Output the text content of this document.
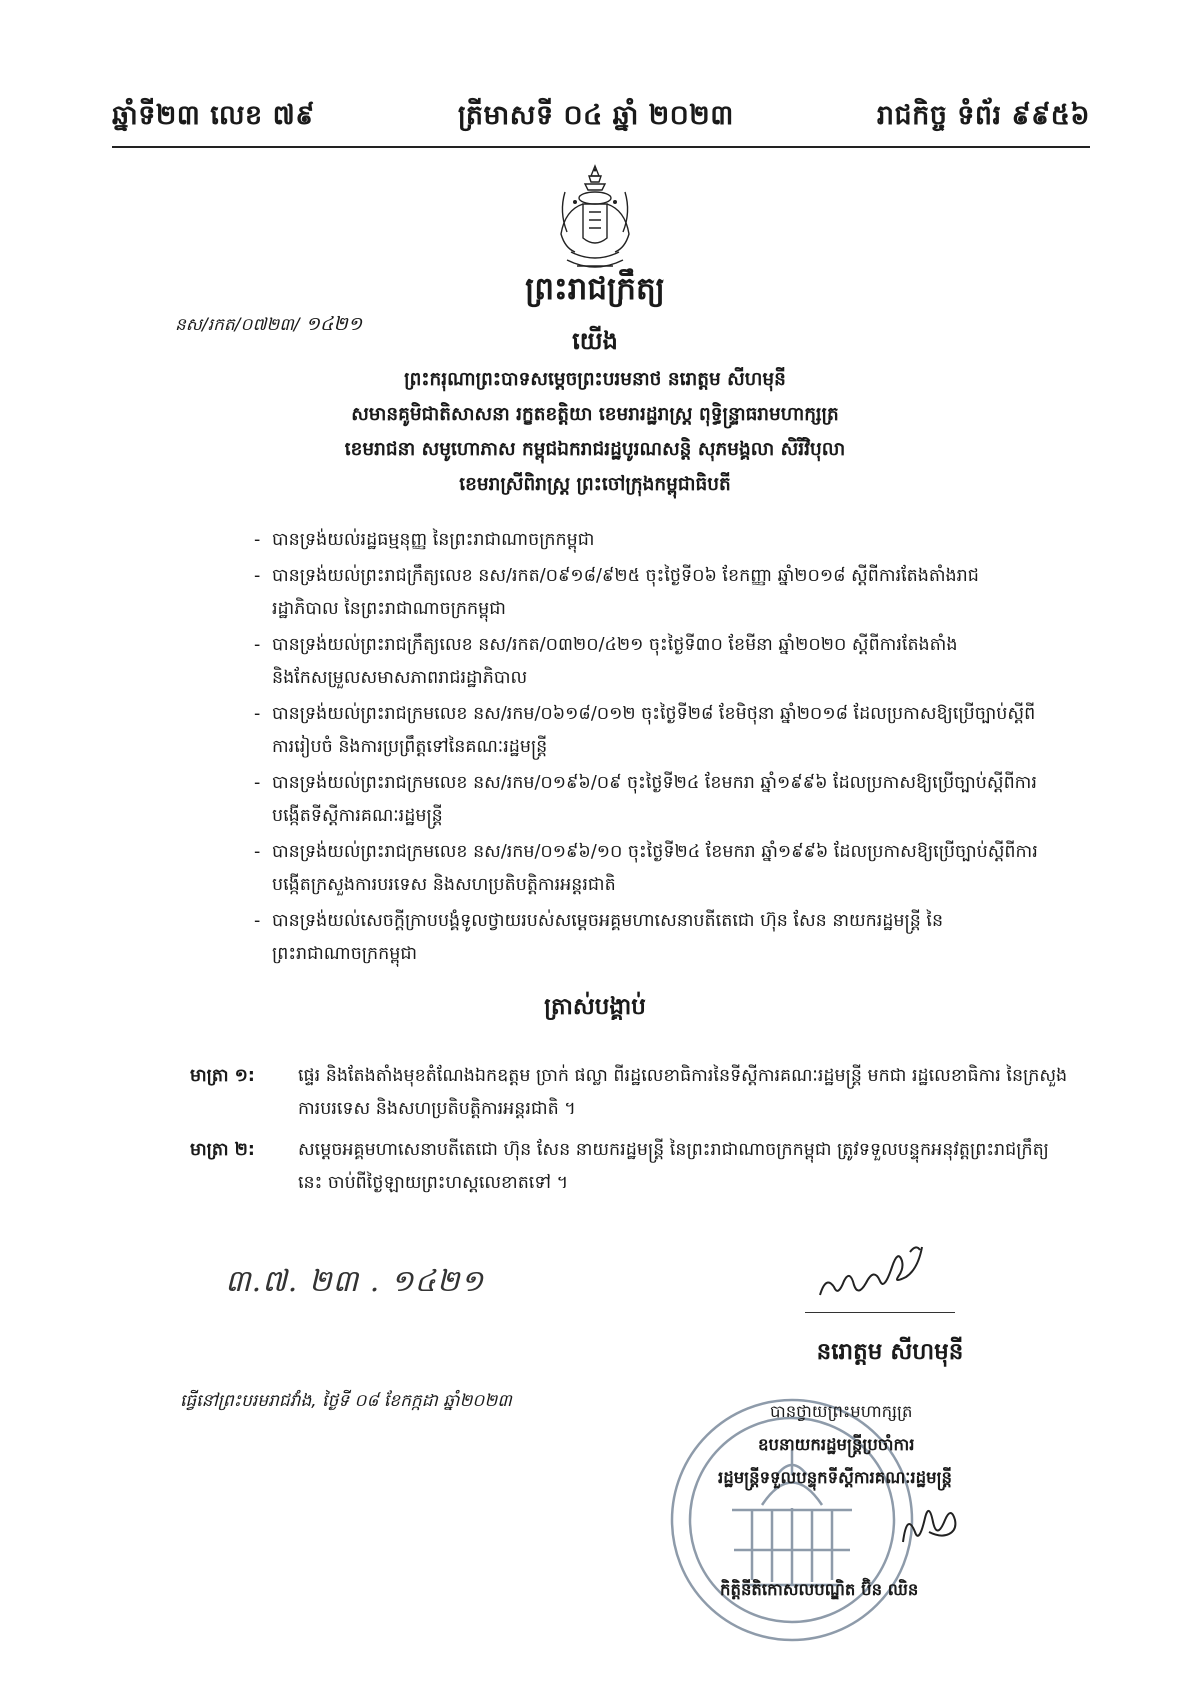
ឆ្នាំទី២៣ លេខ ៧៩	ត្រីមាសទី ០៤ ឆ្នាំ ២០២៣	រាជកិច្ច ទំព័រ ៩៩៥៦
ព្រះរាជក្រឹត្យ
នស/រកត/០៧២៣/ ១៤២១
យើង
ព្រះករុណាព្រះបាទសម្តេចព្រះបរមនាថ នរោត្តម សីហមុនី
សមានគូមិជាតិសាសនា រក្ខតខត្តិយា ខេមរារដ្ឋរាស្ត្រ ពុទ្ធិន្ទ្រាធរាមហាក្សត្រ
ខេមរាជនា សមូហោភាស កម្ពុជឯករាជរដ្ឋបូរណសន្តិ សុភមង្គលា សិរីវិបុលា
ខេមរាស្រីពិរាស្ត្រ ព្រះចៅក្រុងកម្ពុជាធិបតី
- បានទ្រង់យល់រដ្ឋធម្មនុញ្ញ នៃព្រះរាជាណាចក្រកម្ពុជា
- បានទ្រង់យល់ព្រះរាជក្រឹត្យលេខ នស/រកត/០៩១៨/៩២៥ ចុះថ្ងៃទី០៦ ខែកញ្ញា ឆ្នាំ២០១៨ ស្តីពីការតែងតាំងរាជរដ្ឋាភិបាល នៃព្រះរាជាណាចក្រកម្ពុជា
- បានទ្រង់យល់ព្រះរាជក្រឹត្យលេខ នស/រកត/០៣២០/៤២១ ចុះថ្ងៃទី៣០ ខែមីនា ឆ្នាំ២០២០ ស្តីពីការតែងតាំង និងកែសម្រួលសមាសភាពរាជរដ្ឋាភិបាល
- បានទ្រង់យល់ព្រះរាជក្រមលេខ នស/រកម/០៦១៨/០១២ ចុះថ្ងៃទី២៨ ខែមិថុនា ឆ្នាំ២០១៨ ដែលប្រកាសឱ្យប្រើច្បាប់ស្តីពីការរៀបចំ និងការប្រព្រឹត្តទៅនៃគណៈរដ្ឋមន្ត្រី
- បានទ្រង់យល់ព្រះរាជក្រមលេខ នស/រកម/០១៩៦/០៩ ចុះថ្ងៃទី២៤ ខែមករា ឆ្នាំ១៩៩៦ ដែលប្រកាសឱ្យប្រើច្បាប់ស្តីពីការបង្កើតទីស្តីការគណៈរដ្ឋមន្ត្រី
- បានទ្រង់យល់ព្រះរាជក្រមលេខ នស/រកម/០១៩៦/១០ ចុះថ្ងៃទី២៤ ខែមករា ឆ្នាំ១៩៩៦ ដែលប្រកាសឱ្យប្រើច្បាប់ស្តីពីការបង្កើតក្រសួងការបរទេស និងសហប្រតិបត្តិការអន្តរជាតិ
- បានទ្រង់យល់សេចក្តីក្រាបបង្គំទូលថ្វាយរបស់សម្តេចអគ្គមហាសេនាបតីតេជោ ហ៊ុន សែន នាយករដ្ឋមន្ត្រី នៃព្រះរាជាណាចក្រកម្ពុជា
ត្រាស់បង្គាប់
មាត្រា ១:	ផ្ទេរ និងតែងតាំងមុខតំណែងឯកឧត្តម ច្រាក់ ផល្លា ពីរដ្ឋលេខាធិការនៃទីស្តីការគណៈរដ្ឋមន្ត្រី មកជា រដ្ឋលេខាធិការ នៃក្រសួងការបរទេស និងសហប្រតិបត្តិការអន្តរជាតិ ។
មាត្រា ២:	សម្តេចអគ្គមហាសេនាបតីតេជោ ហ៊ុន សែន នាយករដ្ឋមន្ត្រី នៃព្រះរាជាណាចក្រកម្ពុជា ត្រូវទទួលបន្ទុកអនុវត្តព្រះរាជក្រឹត្យនេះ ចាប់ពីថ្ងៃឡាយព្រះហស្តលេខាតទៅ ។
៣.៧. ២៣ . ១៤២១
នរោត្តម សីហមុនី
ធ្វើនៅព្រះបរមរាជវាំង, ថ្ងៃទី ០៨ ខែកក្កដា ឆ្នាំ២០២៣
បានថ្វាយព្រះមហាក្សត្រ
ឧបនាយករដ្ឋមន្ត្រីប្រចាំការ
រដ្ឋមន្ត្រីទទួលបន្ទុកទីស្តីការគណៈរដ្ឋមន្ត្រី
កិត្តិនីតិកោសលបណ្ឌិត ប៊ិន ឈិន
